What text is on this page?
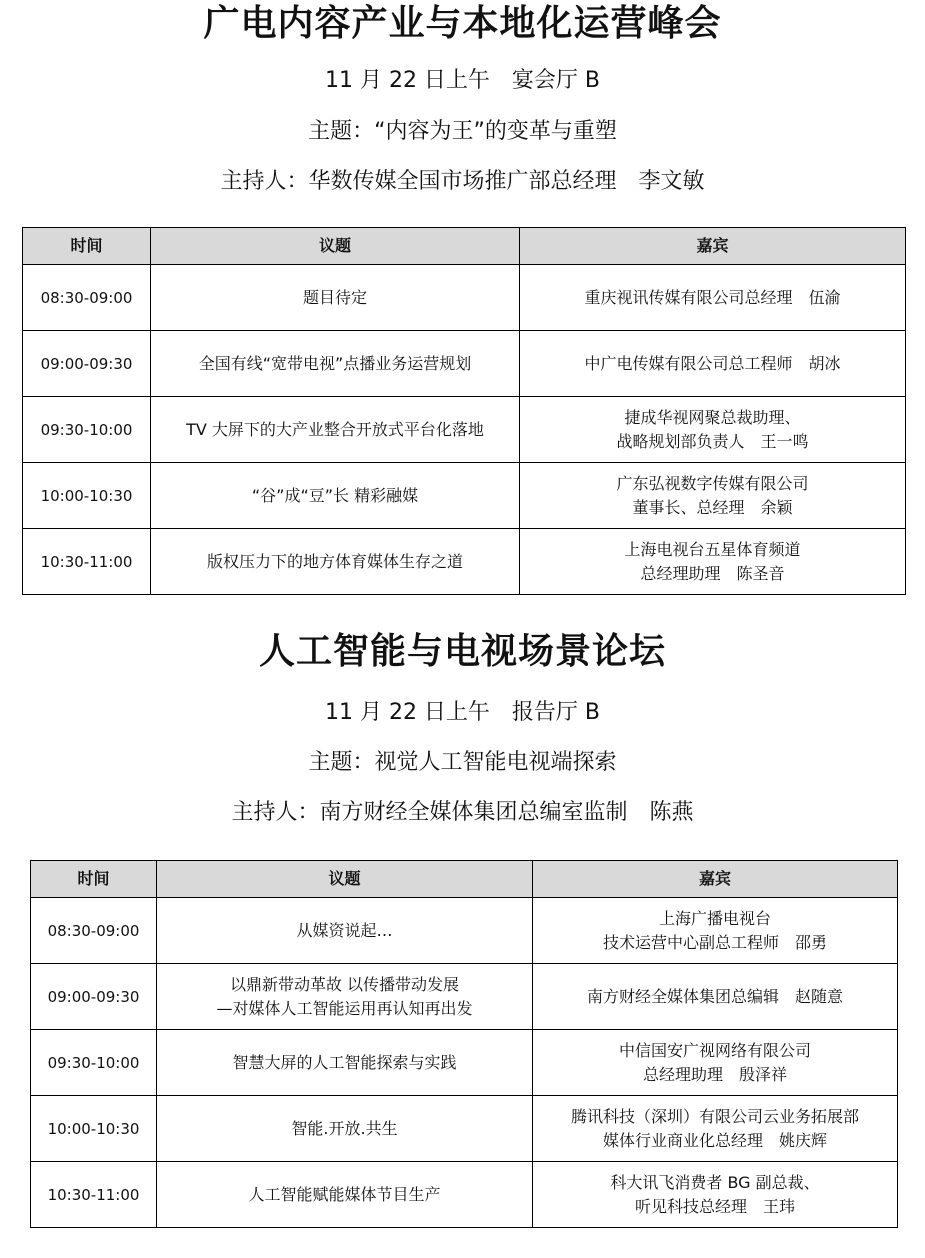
广电内容产业与本地化运营峰会
11 月 22 日上午　宴会厅 B
主题：“内容为王”的变革与重塑
主持人：华数传媒全国市场推广部总经理　李文敏
时间	议题	嘉宾
08:30-09:00	题目待定	重庆视讯传媒有限公司总经理　伍渝
09:00-09:30	全国有线“宽带电视”点播业务运营规划	中广电传媒有限公司总工程师　胡冰
09:30-10:00	TV 大屏下的大产业整合开放式平台化落地	捷成华视网聚总裁助理、
战略规划部负责人　王一鸣
10:00-10:30	“谷”成“豆”长 精彩融媒	广东弘视数字传媒有限公司
董事长、总经理　余颖
10:30-11:00	版权压力下的地方体育媒体生存之道	上海电视台五星体育频道
总经理助理　陈圣音
人工智能与电视场景论坛
11 月 22 日上午　报告厅 B
主题：视觉人工智能电视端探索
主持人：南方财经全媒体集团总编室监制　陈燕
时间	议题	嘉宾
08:30-09:00	从媒资说起…	上海广播电视台
技术运营中心副总工程师　邵勇
09:00-09:30	以鼎新带动革故 以传播带动发展
—对媒体人工智能运用再认知再出发	南方财经全媒体集团总编辑　赵随意
09:30-10:00	智慧大屏的人工智能探索与实践	中信国安广视网络有限公司
总经理助理　殷泽祥
10:00-10:30	智能.开放.共生	腾讯科技（深圳）有限公司云业务拓展部
媒体行业商业化总经理　姚庆辉
10:30-11:00	人工智能赋能媒体节目生产	科大讯飞消费者 BG 副总裁、
听见科技总经理　王玮
